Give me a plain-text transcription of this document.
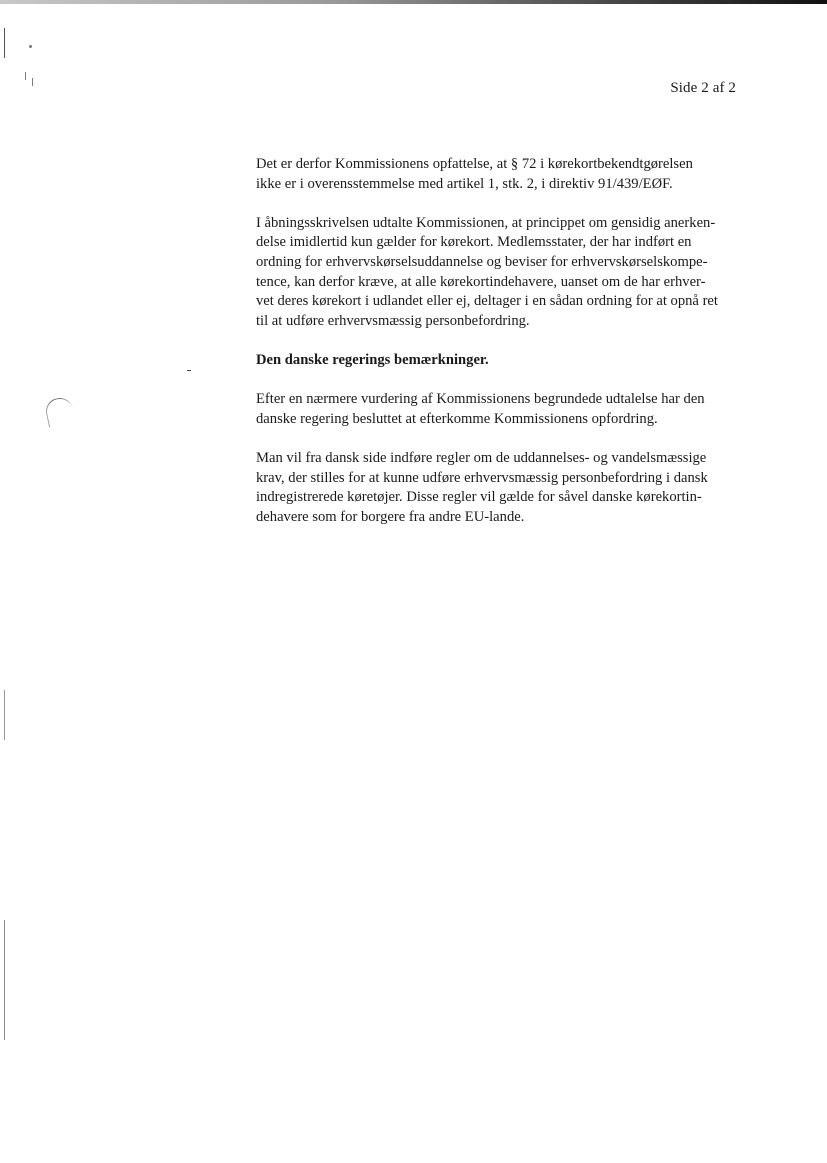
Side 2 af 2

Det er derfor Kommissionens opfattelse, at § 72 i kørekortbekendtgørelsen
ikke er i overensstemmelse med artikel 1, stk. 2, i direktiv 91/439/EØF.

I åbningsskrivelsen udtalte Kommissionen, at princippet om gensidig anerken-
delse imidlertid kun gælder for kørekort. Medlemsstater, der har indført en
ordning for erhvervskørselsuddannelse og beviser for erhvervskørselskompe-
tence, kan derfor kræve, at alle kørekortindehavere, uanset om de har erhver-
vet deres kørekort i udlandet eller ej, deltager i en sådan ordning for at opnå ret
til at udføre erhvervsmæssig personbefordring.

Den danske regerings bemærkninger.

Efter en nærmere vurdering af Kommissionens begrundede udtalelse har den
danske regering besluttet at efterkomme Kommissionens opfordring.

Man vil fra dansk side indføre regler om de uddannelses- og vandelsmæssige
krav, der stilles for at kunne udføre erhvervsmæssig personbefordring i dansk
indregistrerede køretøjer. Disse regler vil gælde for såvel danske kørekortin-
dehavere som for borgere fra andre EU-lande.
